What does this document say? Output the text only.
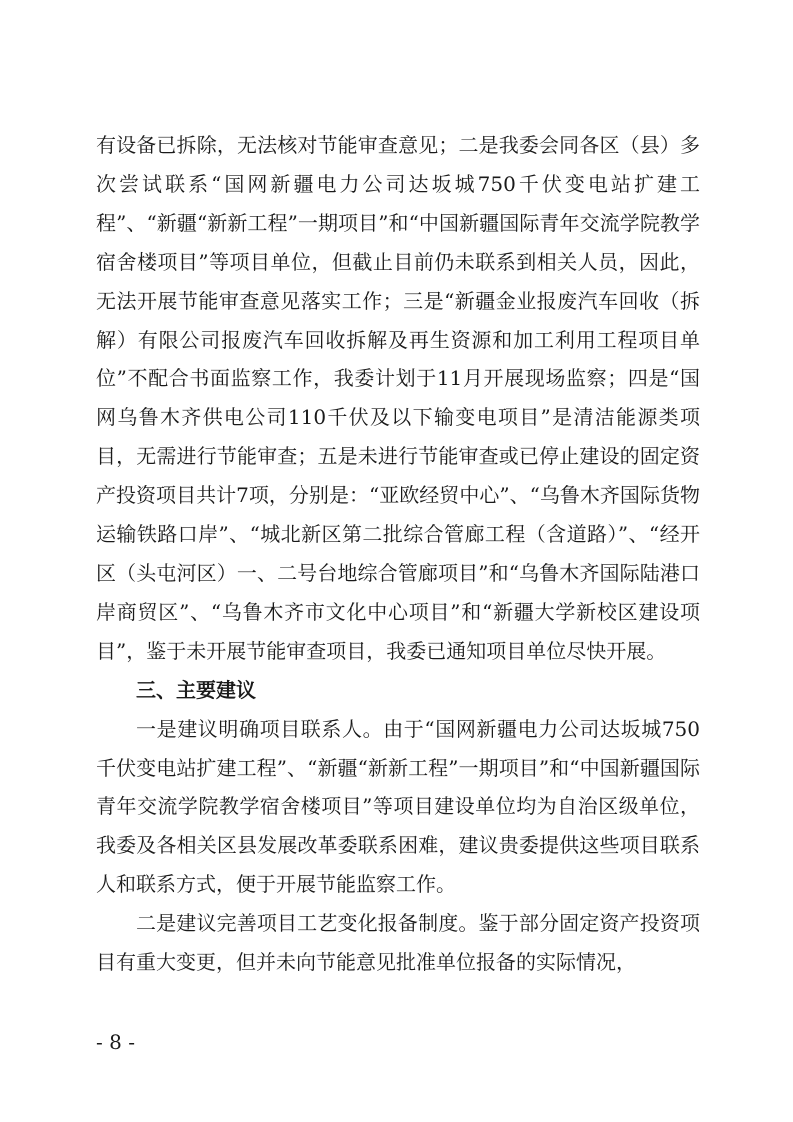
有设备已拆除，无法核对节能审查意见；二是我委会同各区（县）多次尝试联系“国网新疆电力公司达坂城750千伏变电站扩建工程”、“新疆“新新工程”一期项目”和“中国新疆国际青年交流学院教学宿舍楼项目”等项目单位，但截止目前仍未联系到相关人员，因此，无法开展节能审查意见落实工作；三是“新疆金业报废汽车回收（拆解）有限公司报废汽车回收拆解及再生资源和加工利用工程项目单位”不配合书面监察工作，我委计划于11月开展现场监察；四是“国网乌鲁木齐供电公司110千伏及以下输变电项目”是清洁能源类项目，无需进行节能审查；五是未进行节能审查或已停止建设的固定资产投资项目共计7项，分别是：“亚欧经贸中心”、“乌鲁木齐国际货物运输铁路口岸”、“城北新区第二批综合管廊工程（含道路）”、“经开区（头屯河区）一、二号台地综合管廊项目”和“乌鲁木齐国际陆港口岸商贸区”、“乌鲁木齐市文化中心项目”和“新疆大学新校区建设项目”，鉴于未开展节能审查项目，我委已通知项目单位尽快开展。

三、主要建议

一是建议明确项目联系人。由于“国网新疆电力公司达坂城750千伏变电站扩建工程”、“新疆“新新工程”一期项目”和“中国新疆国际青年交流学院教学宿舍楼项目”等项目建设单位均为自治区级单位，我委及各相关区县发展改革委联系困难，建议贵委提供这些项目联系人和联系方式，便于开展节能监察工作。

二是建议完善项目工艺变化报备制度。鉴于部分固定资产投资项目有重大变更，但并未向节能意见批准单位报备的实际情况，

- 8 -
